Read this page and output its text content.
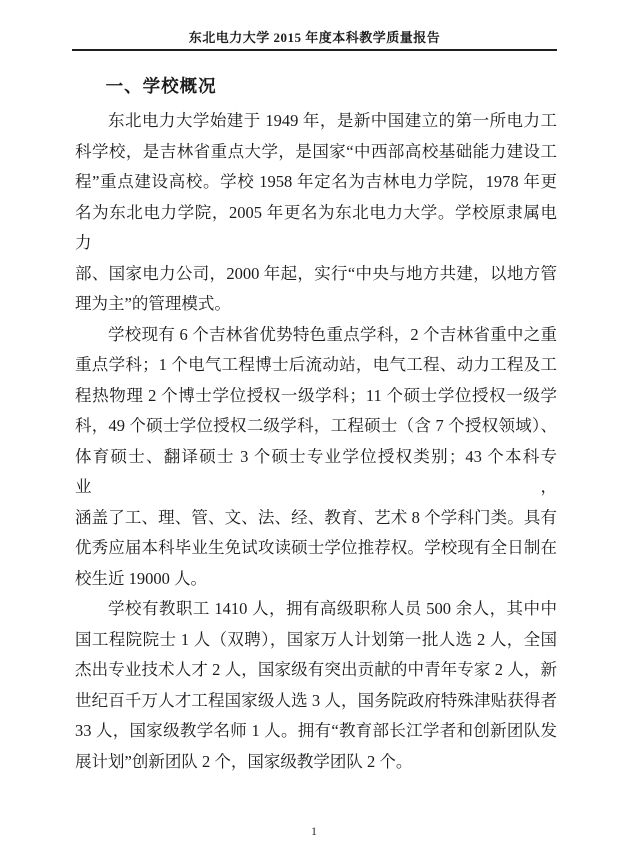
东北电力大学 2015 年度本科教学质量报告
一、学校概况
东北电力大学始建于 1949 年，是新中国建立的第一所电力工
科学校，是吉林省重点大学，是国家“中西部高校基础能力建设工
程”重点建设高校。学校 1958 年定名为吉林电力学院，1978 年更
名为东北电力学院，2005 年更名为东北电力大学。学校原隶属电力
部、国家电力公司，2000 年起，实行“中央与地方共建，以地方管
理为主”的管理模式。
学校现有 6 个吉林省优势特色重点学科，2 个吉林省重中之重
重点学科；1 个电气工程博士后流动站，电气工程、动力工程及工
程热物理 2 个博士学位授权一级学科；11 个硕士学位授权一级学
科，49 个硕士学位授权二级学科，工程硕士（含 7 个授权领域）、
体育硕士、翻译硕士 3 个硕士专业学位授权类别；43 个本科专业，
涵盖了工、理、管、文、法、经、教育、艺术 8 个学科门类。具有
优秀应届本科毕业生免试攻读硕士学位推荐权。学校现有全日制在
校生近 19000 人。
学校有教职工 1410 人，拥有高级职称人员 500 余人，其中中
国工程院院士 1 人（双聘），国家万人计划第一批人选 2 人，全国
杰出专业技术人才 2 人，国家级有突出贡献的中青年专家 2 人，新
世纪百千万人才工程国家级人选 3 人，国务院政府特殊津贴获得者
33 人，国家级教学名师 1 人。拥有“教育部长江学者和创新团队发
展计划”创新团队 2 个，国家级教学团队 2 个。
1
